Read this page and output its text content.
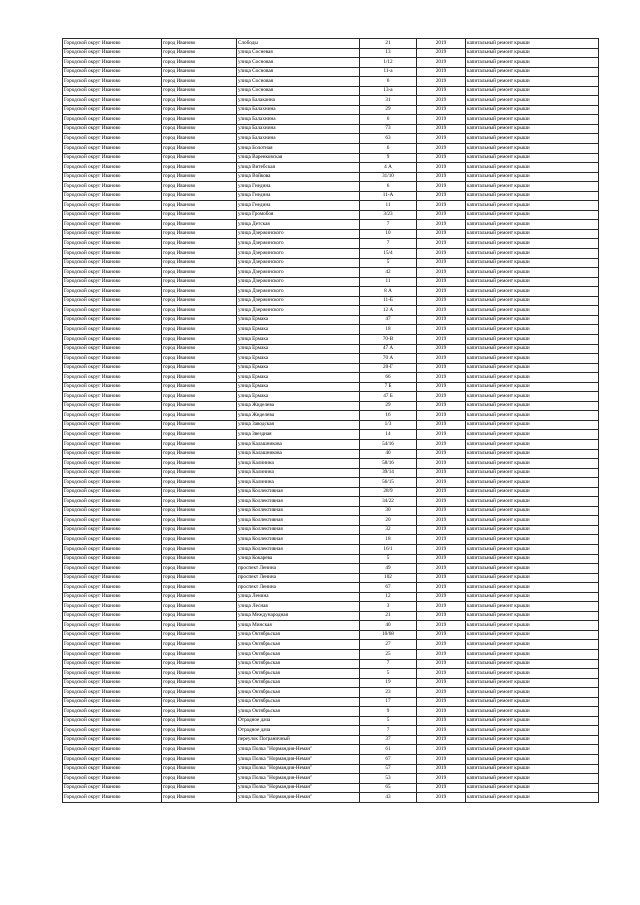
Городской округ Иваново	город Иваново	Слободы	21	2019	капитальный ремонт крыши
Городской округ Иваново	город Иваново	улица Сосневая	13	2019	капитальный ремонт крыши
Городской округ Иваново	город Иваново	улица Сосновая	1/12	2019	капитальный ремонт крыши
Городской округ Иваново	город Иваново	улица Сосновая	11-а	2019	капитальный ремонт крыши
Городской округ Иваново	город Иваново	улица Сосновая	6	2019	капитальный ремонт крыши
Городской округ Иваново	город Иваново	улица Сосновая	13-а	2019	капитальный ремонт крыши
Городской округ Иваново	город Иваново	улица Балаканна	31	2019	капитальный ремонт крыши
Городской округ Иваново	город Иваново	улица Балахнина	29	2019	капитальный ремонт крыши
Городской округ Иваново	город Иваново	улица Балахнина	6	2019	капитальный ремонт крыши
Городской округ Иваново	город Иваново	улица Балахнина	73	2019	капитальный ремонт крыши
Городской округ Иваново	город Иваново	улица Балахнина	63	2019	капитальный ремонт крыши
Городской округ Иваново	город Иваново	улица Болотная	6	2019	капитальный ремонт крыши
Городской округ Иваново	город Иваново	улица Варенковская	9	2019	капитальный ремонт крыши
Городской округ Иваново	город Иваново	улица Витебская	4 А	2019	капитальный ремонт крыши
Городской округ Иваново	город Иваново	улица Войкова	31/10	2019	капитальный ремонт крыши
Городской округ Иваново	город Иваново	улица Гнедина	6	2019	капитальный ремонт крыши
Городской округ Иваново	город Иваново	улица Гнедина	11-А	2019	капитальный ремонт крыши
Городской округ Иваново	город Иваново	улица Гнедина	11	2019	капитальный ремонт крыши
Городской округ Иваново	город Иваново	улица Громобоя	3/23	2019	капитальный ремонт крыши
Городской округ Иваново	город Иваново	улица Детская	7	2019	капитальный ремонт крыши
Городской округ Иваново	город Иваново	улица Дзержинского	10	2019	капитальный ремонт крыши
Городской округ Иваново	город Иваново	улица Дзержинского	7	2019	капитальный ремонт крыши
Городской округ Иваново	город Иваново	улица Дзержинского	15/4	2019	капитальный ремонт крыши
Городской округ Иваново	город Иваново	улица Дзержинского	5	2019	капитальный ремонт крыши
Городской округ Иваново	город Иваново	улица Дзержинского	42	2019	капитальный ремонт крыши
Городской округ Иваново	город Иваново	улица Дзержинского	11	2019	капитальный ремонт крыши
Городской округ Иваново	город Иваново	улица Дзержинского	8 А	2019	капитальный ремонт крыши
Городской округ Иваново	город Иваново	улица Дзержинского	11-Б	2019	капитальный ремонт крыши
Городской округ Иваново	город Иваново	улица Дзержинского	12 А	2019	капитальный ремонт крыши
Городской округ Иваново	город Иваново	улица Ермака	47	2019	капитальный ремонт крыши
Городской округ Иваново	город Иваново	улица Ермака	18	2019	капитальный ремонт крыши
Городской округ Иваново	город Иваново	улица Ермака	70-В	2019	капитальный ремонт крыши
Городской округ Иваново	город Иваново	улица Ермака	47 А	2019	капитальный ремонт крыши
Городской округ Иваново	город Иваново	улица Ермака	70 А	2019	капитальный ремонт крыши
Городской округ Иваново	город Иваново	улица Ермака	20-Г	2019	капитальный ремонт крыши
Городской округ Иваново	город Иваново	улица Ермака	66	2019	капитальный ремонт крыши
Городской округ Иваново	город Иваново	улица Ермака	7 Б	2019	капитальный ремонт крыши
Городской округ Иваново	город Иваново	улица Ермака	47 Б	2019	капитальный ремонт крыши
Городской округ Иваново	город Иваново	улица Жиделева	29	2019	капитальный ремонт крыши
Городской округ Иваново	город Иваново	улица Жиделева	16	2019	капитальный ремонт крыши
Городской округ Иваново	город Иваново	улица Заводская	1/3	2019	капитальный ремонт крыши
Городской округ Иваново	город Иваново	улица Звездная	14	2019	капитальный ремонт крыши
Городской округ Иваново	город Иваново	улица Калашникова	54/16	2019	капитальный ремонт крыши
Городской округ Иваново	город Иваново	улица Калашникова	40	2019	капитальный ремонт крыши
Городской округ Иваново	город Иваново	улица Калинина	58/16	2019	капитальный ремонт крыши
Городской округ Иваново	город Иваново	улица Калинина	39/14	2019	капитальный ремонт крыши
Городской округ Иваново	город Иваново	улица Калинина	56/15	2019	капитальный ремонт крыши
Городской округ Иваново	город Иваново	улица Коллективная	28/9	2019	капитальный ремонт крыши
Городской округ Иваново	город Иваново	улица Коллективная	34/22	2019	капитальный ремонт крыши
Городской округ Иваново	город Иваново	улица Коллективная	30	2019	капитальный ремонт крыши
Городской округ Иваново	город Иваново	улица Коллективная	20	2019	капитальный ремонт крыши
Городской округ Иваново	город Иваново	улица Коллективная	32	2019	капитальный ремонт крыши
Городской округ Иваново	город Иваново	улица Коллективная	18	2019	капитальный ремонт крыши
Городской округ Иваново	город Иваново	улица Коллективная	16/1	2019	капитальный ремонт крыши
Городской округ Иваново	город Иваново	улица Кокарева	5	2019	капитальный ремонт крыши
Городской округ Иваново	город Иваново	проспект Ленина	49	2019	капитальный ремонт крыши
Городской округ Иваново	город Иваново	проспект Ленина	102	2019	капитальный ремонт крыши
Городской округ Иваново	город Иваново	проспект Ленина	67	2019	капитальный ремонт крыши
Городской округ Иваново	город Иваново	улица Ленина	12	2019	капитальный ремонт крыши
Городской округ Иваново	город Иваново	улица Лесная	3	2019	капитальный ремонт крыши
Городской округ Иваново	город Иваново	улица Международная	21	2019	капитальный ремонт крыши
Городской округ Иваново	город Иваново	улица Минская	40	2019	капитальный ремонт крыши
Городской округ Иваново	город Иваново	улица Октябрьская	10/68	2019	капитальный ремонт крыши
Городской округ Иваново	город Иваново	улица Октябрьская	27	2019	капитальный ремонт крыши
Городской округ Иваново	город Иваново	улица Октябрьская	25	2019	капитальный ремонт крыши
Городской округ Иваново	город Иваново	улица Октябрьская	7	2019	капитальный ремонт крыши
Городской округ Иваново	город Иваново	улица Октябрьская	5	2019	капитальный ремонт крыши
Городской округ Иваново	город Иваново	улица Октябрьская	19	2019	капитальный ремонт крыши
Городской округ Иваново	город Иваново	улица Октябрьская	23	2019	капитальный ремонт крыши
Городской округ Иваново	город Иваново	улица Октябрьская	17	2019	капитальный ремонт крыши
Городской округ Иваново	город Иваново	улица Октябрьская	9	2019	капитальный ремонт крыши
Городской округ Иваново	город Иваново	Отрадное дача	5	2019	капитальный ремонт крыши
Городской округ Иваново	город Иваново	Отрадное дача	7	2019	капитальный ремонт крыши
Городской округ Иваново	город Иваново	переулок Пограничный	37	2019	капитальный ремонт крыши
Городской округ Иваново	город Иваново	улица Полка "Нормандия-Неман"	61	2019	капитальный ремонт крыши
Городской округ Иваново	город Иваново	улица Полка "Нормандия-Неман"	67	2019	капитальный ремонт крыши
Городской округ Иваново	город Иваново	улица Полка "Нормандия-Неман"	57	2019	капитальный ремонт крыши
Городской округ Иваново	город Иваново	улица Полка "Нормандия-Неман"	53	2019	капитальный ремонт крыши
Городской округ Иваново	город Иваново	улица Полка "Нормандия-Неман"	65	2019	капитальный ремонт крыши
Городской округ Иваново	город Иваново	улица Полка "Нормандия-Неман"	43	2019	капитальный ремонт крыши
